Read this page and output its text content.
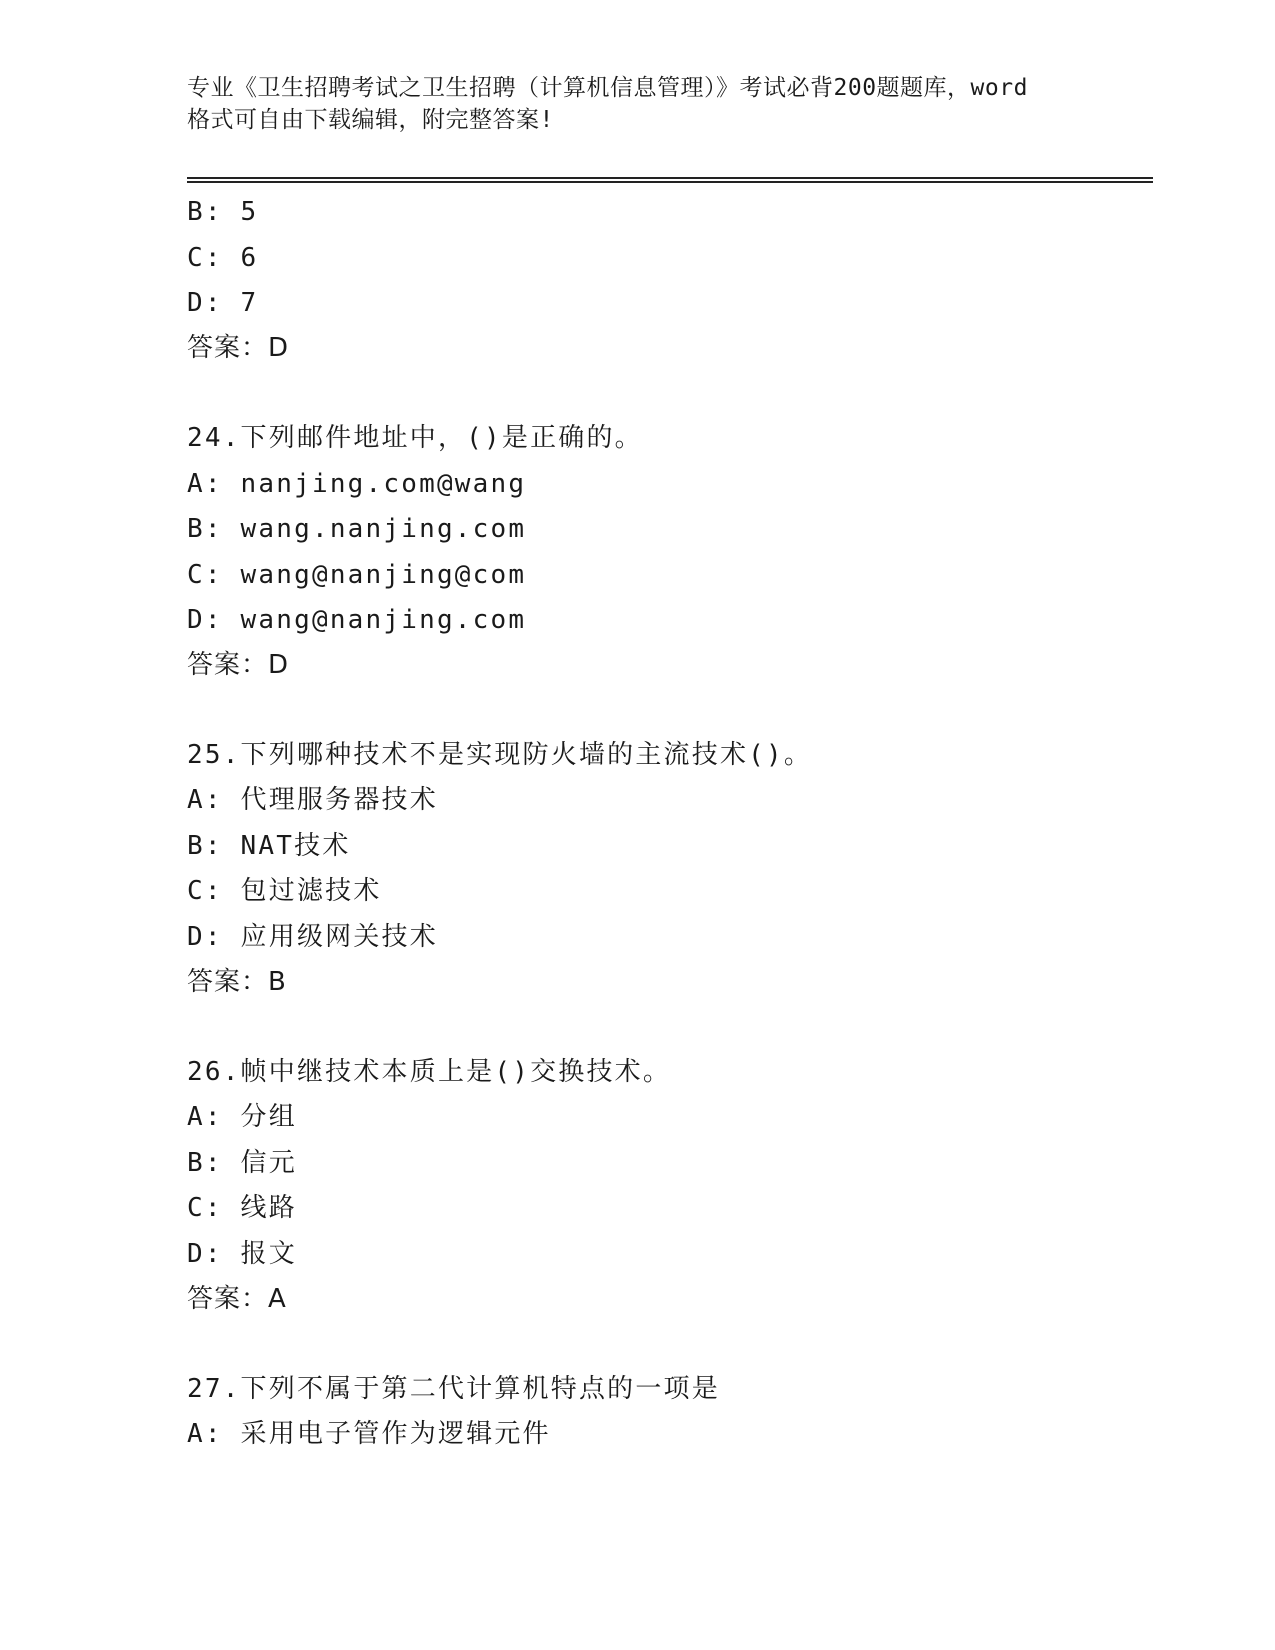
专业《卫生招聘考试之卫生招聘（计算机信息管理）》考试必背200题题库，word
格式可自由下载编辑，附完整答案!
B: 5
C: 6
D: 7
答案：D
24.下列邮件地址中，()是正确的。
A: nanjing.com@wang
B: wang.nanjing.com
C: wang@nanjing@com
D: wang@nanjing.com
答案：D
25.下列哪种技术不是实现防火墙的主流技术()。
A: 代理服务器技术
B: NAT技术
C: 包过滤技术
D: 应用级网关技术
答案：B
26.帧中继技术本质上是()交换技术。
A: 分组
B: 信元
C: 线路
D: 报文
答案：A
27.下列不属于第二代计算机特点的一项是
A: 采用电子管作为逻辑元件
